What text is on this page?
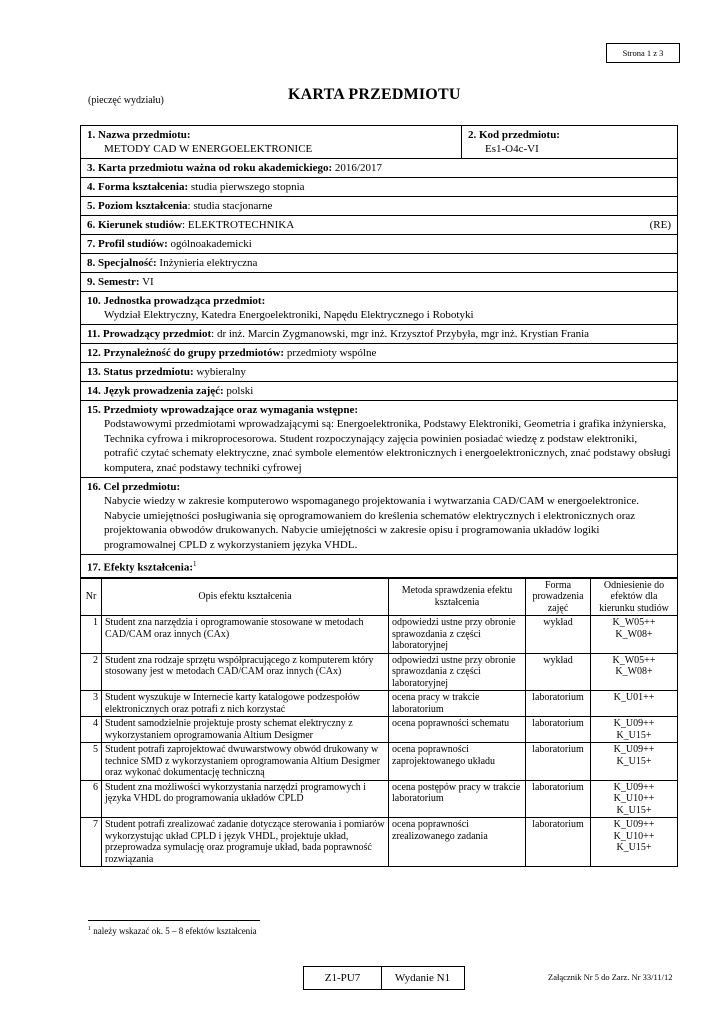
Strona 1 z 3
(pieczęć wydziału)	KARTA PRZEDMIOTU
1. Nazwa przedmiotu:
METODY CAD W ENERGOELEKTRONICE
2. Kod przedmiotu:
Es1-O4c-VI
3. Karta przedmiotu ważna od roku akademickiego: 2016/2017
4. Forma kształcenia: studia pierwszego stopnia
5. Poziom kształcenia: studia stacjonarne
6. Kierunek studiów: ELEKTROTECHNIKA	(RE)
7. Profil studiów: ogólnoakademicki
8. Specjalność: Inżynieria elektryczna
9. Semestr: VI
10. Jednostka prowadząca przedmiot:
Wydział Elektryczny, Katedra Energoelektroniki, Napędu Elektrycznego i Robotyki
11. Prowadzący przedmiot: dr inż. Marcin Zygmanowski, mgr inż. Krzysztof Przybyła, mgr inż. Krystian Frania
12. Przynależność do grupy przedmiotów: przedmioty wspólne
13. Status przedmiotu: wybieralny
14. Język prowadzenia zajęć: polski
15. Przedmioty wprowadzające oraz wymagania wstępne:
Podstawowymi przedmiotami wprowadzającymi są: Energoelektronika, Podstawy Elektroniki, Geometria i grafika inżynierska, Technika cyfrowa i mikroprocesorowa. Student rozpoczynający zajęcia powinien posiadać wiedzę z podstaw elektroniki, potrafić czytać schematy elektryczne, znać symbole elementów elektronicznych i energoelektronicznych, znać podstawy obsługi komputera, znać podstawy techniki cyfrowej
16. Cel przedmiotu:
Nabycie wiedzy w zakresie komputerowo wspomaganego projektowania i wytwarzania CAD/CAM w energoelektronice. Nabycie umiejętności posługiwania się oprogramowaniem do kreślenia schematów elektrycznych i elektronicznych oraz projektowania obwodów drukowanych. Nabycie umiejętności w zakresie opisu i programowania układów logiki programowalnej CPLD z wykorzystaniem języka VHDL.
17. Efekty kształcenia:$^1$
Nr	Opis efektu kształcenia	Metoda sprawdzenia efektu kształcenia	Forma prowadzenia zajęć	Odniesienie do efektów dla kierunku studiów
1	Student zna narzędzia i oprogramowanie stosowane w metodach CAD/CAM oraz innych (CAx)	odpowiedzi ustne przy obronie sprawozdania z części laboratoryjnej	wykład	K_W05++
K_W08+
2	Student zna rodzaje sprzętu współpracującego z komputerem który stosowany jest w metodach CAD/CAM oraz innych (CAx)	odpowiedzi ustne przy obronie sprawozdania z części laboratoryjnej	wykład	K_W05++
K_W08+
3	Student wyszukuje w Internecie karty katalogowe podzespołów elektronicznych oraz potrafi z nich korzystać	ocena pracy w trakcie laboratorium	laboratorium	K_U01++
4	Student samodzielnie projektuje prosty schemat elektryczny z wykorzystaniem oprogramowania Altium Desigmer	ocena poprawności schematu	laboratorium	K_U09++
K_U15+
5	Student potrafi zaprojektować dwuwarstwowy obwód drukowany w technice SMD z wykorzystaniem oprogramowania Altium Desigmer oraz wykonać dokumentację techniczną	ocena poprawności zaprojektowanego układu	laboratorium	K_U09++
K_U15+
6	Student zna możliwości wykorzystania narzędzi programowych i języka VHDL do programowania układów CPLD	ocena postępów pracy w trakcie laboratorium	laboratorium	K_U09++
K_U10++
K_U15+
7	Student potrafi zrealizować zadanie dotyczące sterowania i pomiarów wykorzystując układ CPLD i język VHDL, projektuje układ, przeprowadza symulację oraz programuje układ, bada poprawność rozwiązania	ocena poprawności zrealizowanego zadania	laboratorium	K_U09++
K_U10++
K_U15+
$^1$ należy wskazać ok. 5 – 8 efektów kształcenia
Z1-PU7	Wydanie N1	Załącznik Nr 5 do Zarz. Nr 33/11/12
